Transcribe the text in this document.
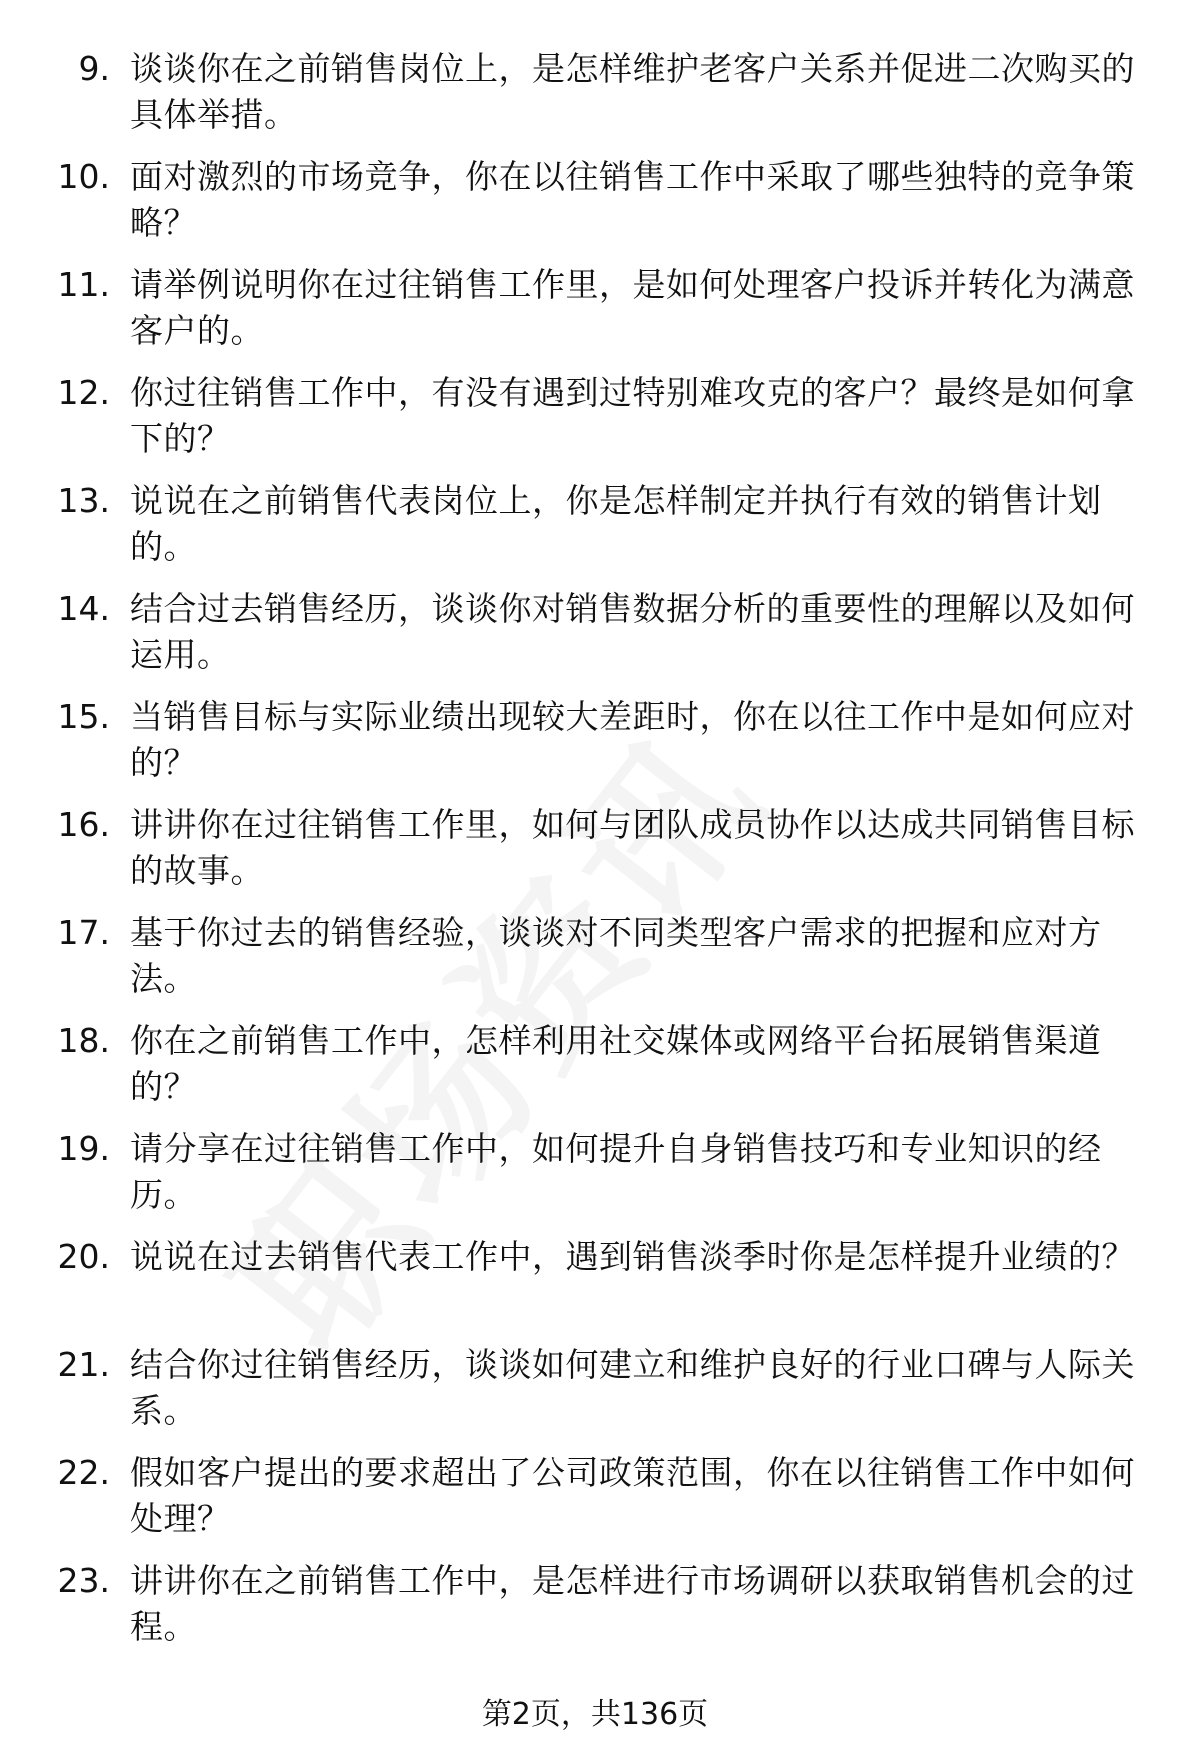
9. 谈谈你在之前销售岗位上，是怎样维护老客户关系并促进二次购买的具体举措。
10. 面对激烈的市场竞争，你在以往销售工作中采取了哪些独特的竞争策略？
11. 请举例说明你在过往销售工作里，是如何处理客户投诉并转化为满意客户的。
12. 你过往销售工作中，有没有遇到过特别难攻克的客户？最终是如何拿下的？
13. 说说在之前销售代表岗位上，你是怎样制定并执行有效的销售计划的。
14. 结合过去销售经历，谈谈你对销售数据分析的重要性的理解以及如何运用。
15. 当销售目标与实际业绩出现较大差距时，你在以往工作中是如何应对的？
16. 讲讲你在过往销售工作里，如何与团队成员协作以达成共同销售目标的故事。
17. 基于你过去的销售经验，谈谈对不同类型客户需求的把握和应对方法。
18. 你在之前销售工作中，怎样利用社交媒体或网络平台拓展销售渠道的？
19. 请分享在过往销售工作中，如何提升自身销售技巧和专业知识的经历。
20. 说说在过去销售代表工作中，遇到销售淡季时你是怎样提升业绩的？
21. 结合你过往销售经历，谈谈如何建立和维护良好的行业口碑与人际关系。
22. 假如客户提出的要求超出了公司政策范围，你在以往销售工作中如何处理？
23. 讲讲你在之前销售工作中，是怎样进行市场调研以获取销售机会的过程。
第2页，共136页
